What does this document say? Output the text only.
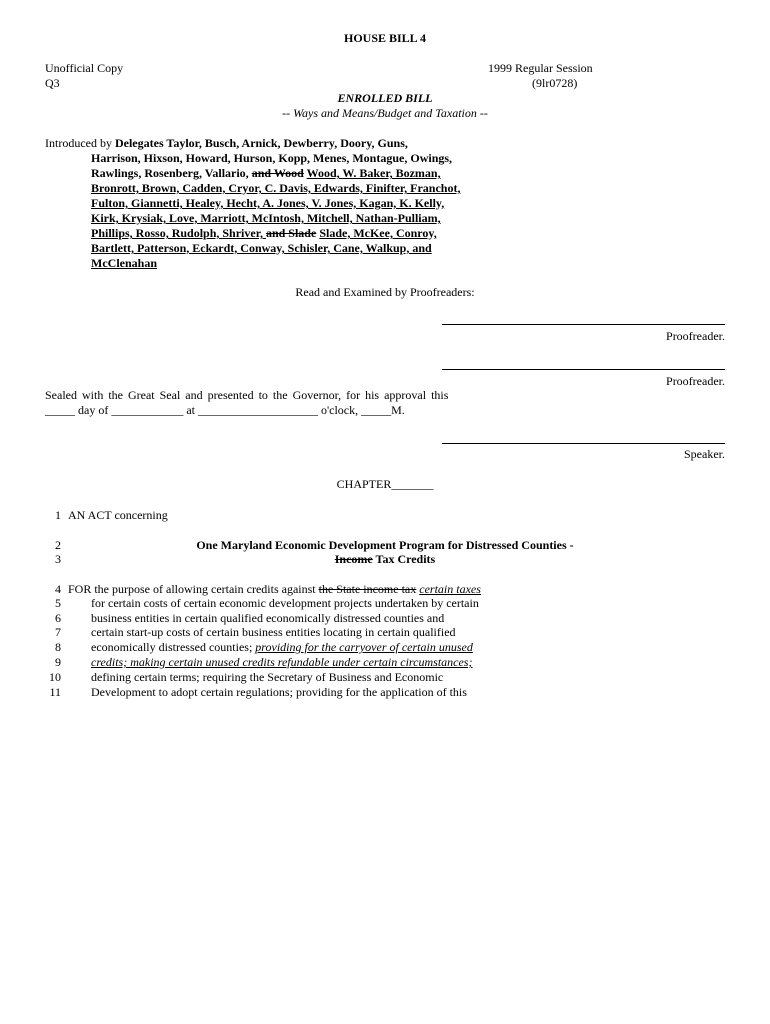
HOUSE BILL 4
Unofficial Copy
Q3
1999 Regular Session
(9lr0728)
ENROLLED BILL
-- Ways and Means/Budget and Taxation --
Introduced by Delegates Taylor, Busch, Arnick, Dewberry, Doory, Guns,
Harrison, Hixson, Howard, Hurson, Kopp, Menes, Montague, Owings,
Rawlings, Rosenberg, Vallario, and Wood Wood, W. Baker, Bozman,
Bronrott, Brown, Cadden, Cryor, C. Davis, Edwards, Finifter, Franchot,
Fulton, Giannetti, Healey, Hecht, A. Jones, V. Jones, Kagan, K. Kelly,
Kirk, Krysiak, Love, Marriott, McIntosh, Mitchell, Nathan-Pulliam,
Phillips, Rosso, Rudolph, Shriver, and Slade Slade, McKee, Conroy,
Bartlett, Patterson, Eckardt, Conway, Schisler, Cane, Walkup, and
McClenahan
Read and Examined by Proofreaders:
Proofreader.
Proofreader.
Sealed with the Great Seal and presented to the Governor, for his approval this
_____ day of ____________ at ____________________ o'clock, _____M.
Speaker.
CHAPTER_______
1 AN ACT concerning
2	One Maryland Economic Development Program for Distressed Counties -
3	Income Tax Credits
4 FOR the purpose of allowing certain credits against the State income tax certain taxes
5	for certain costs of certain economic development projects undertaken by certain
6	business entities in certain qualified economically distressed counties and
7	certain start-up costs of certain business entities locating in certain qualified
8	economically distressed counties; providing for the carryover of certain unused
9	credits; making certain unused credits refundable under certain circumstances;
10	defining certain terms; requiring the Secretary of Business and Economic
11	Development to adopt certain regulations; providing for the application of this
